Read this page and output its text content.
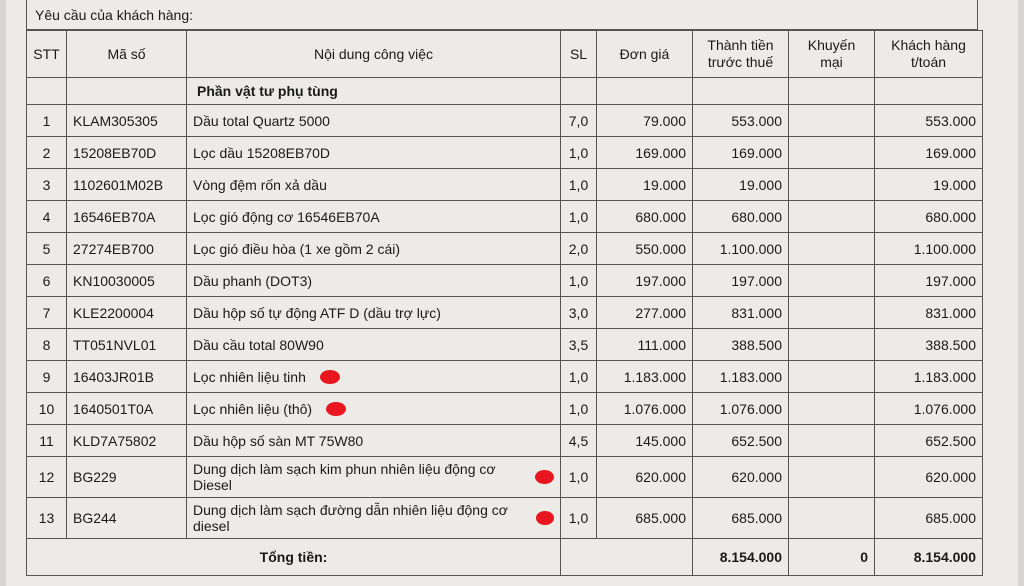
Yêu cầu của khách hàng:
STT	Mã số	Nội dung công việc	SL	Đơn giá	Thành tiền trước thuế	Khuyến mại	Khách hàng t/toán
		Phần vật tư phụ tùng					
1	KLAM305305	Dầu total Quartz 5000	7,0	79.000	553.000		553.000
2	15208EB70D	Lọc dầu 15208EB70D	1,0	169.000	169.000		169.000
3	1102601M02B	Vòng đệm rốn xả dầu	1,0	19.000	19.000		19.000
4	16546EB70A	Lọc gió động cơ 16546EB70A	1,0	680.000	680.000		680.000
5	27274EB700	Lọc gió điều hòa (1 xe gồm 2 cái)	2,0	550.000	1.100.000		1.100.000
6	KN10030005	Dầu phanh (DOT3)	1,0	197.000	197.000		197.000
7	KLE2200004	Dầu hộp số tự động ATF D (dầu trợ lực)	3,0	277.000	831.000		831.000
8	TT051NVL01	Dầu cầu total 80W90	3,5	111.000	388.500		388.500
9	16403JR01B	Lọc nhiên liệu tinh	1,0	1.183.000	1.183.000		1.183.000
10	1640501T0A	Lọc nhiên liệu (thô)	1,0	1.076.000	1.076.000		1.076.000
11	KLD7A75802	Dầu hộp số sàn MT 75W80	4,5	145.000	652.500		652.500
12	BG229	Dung dịch làm sạch kim phun nhiên liệu động cơ Diesel	1,0	620.000	620.000		620.000
13	BG244	Dung dịch làm sạch đường dẫn nhiên liệu động cơ diesel	1,0	685.000	685.000		685.000
Tổng tiền:					8.154.000	0	8.154.000
